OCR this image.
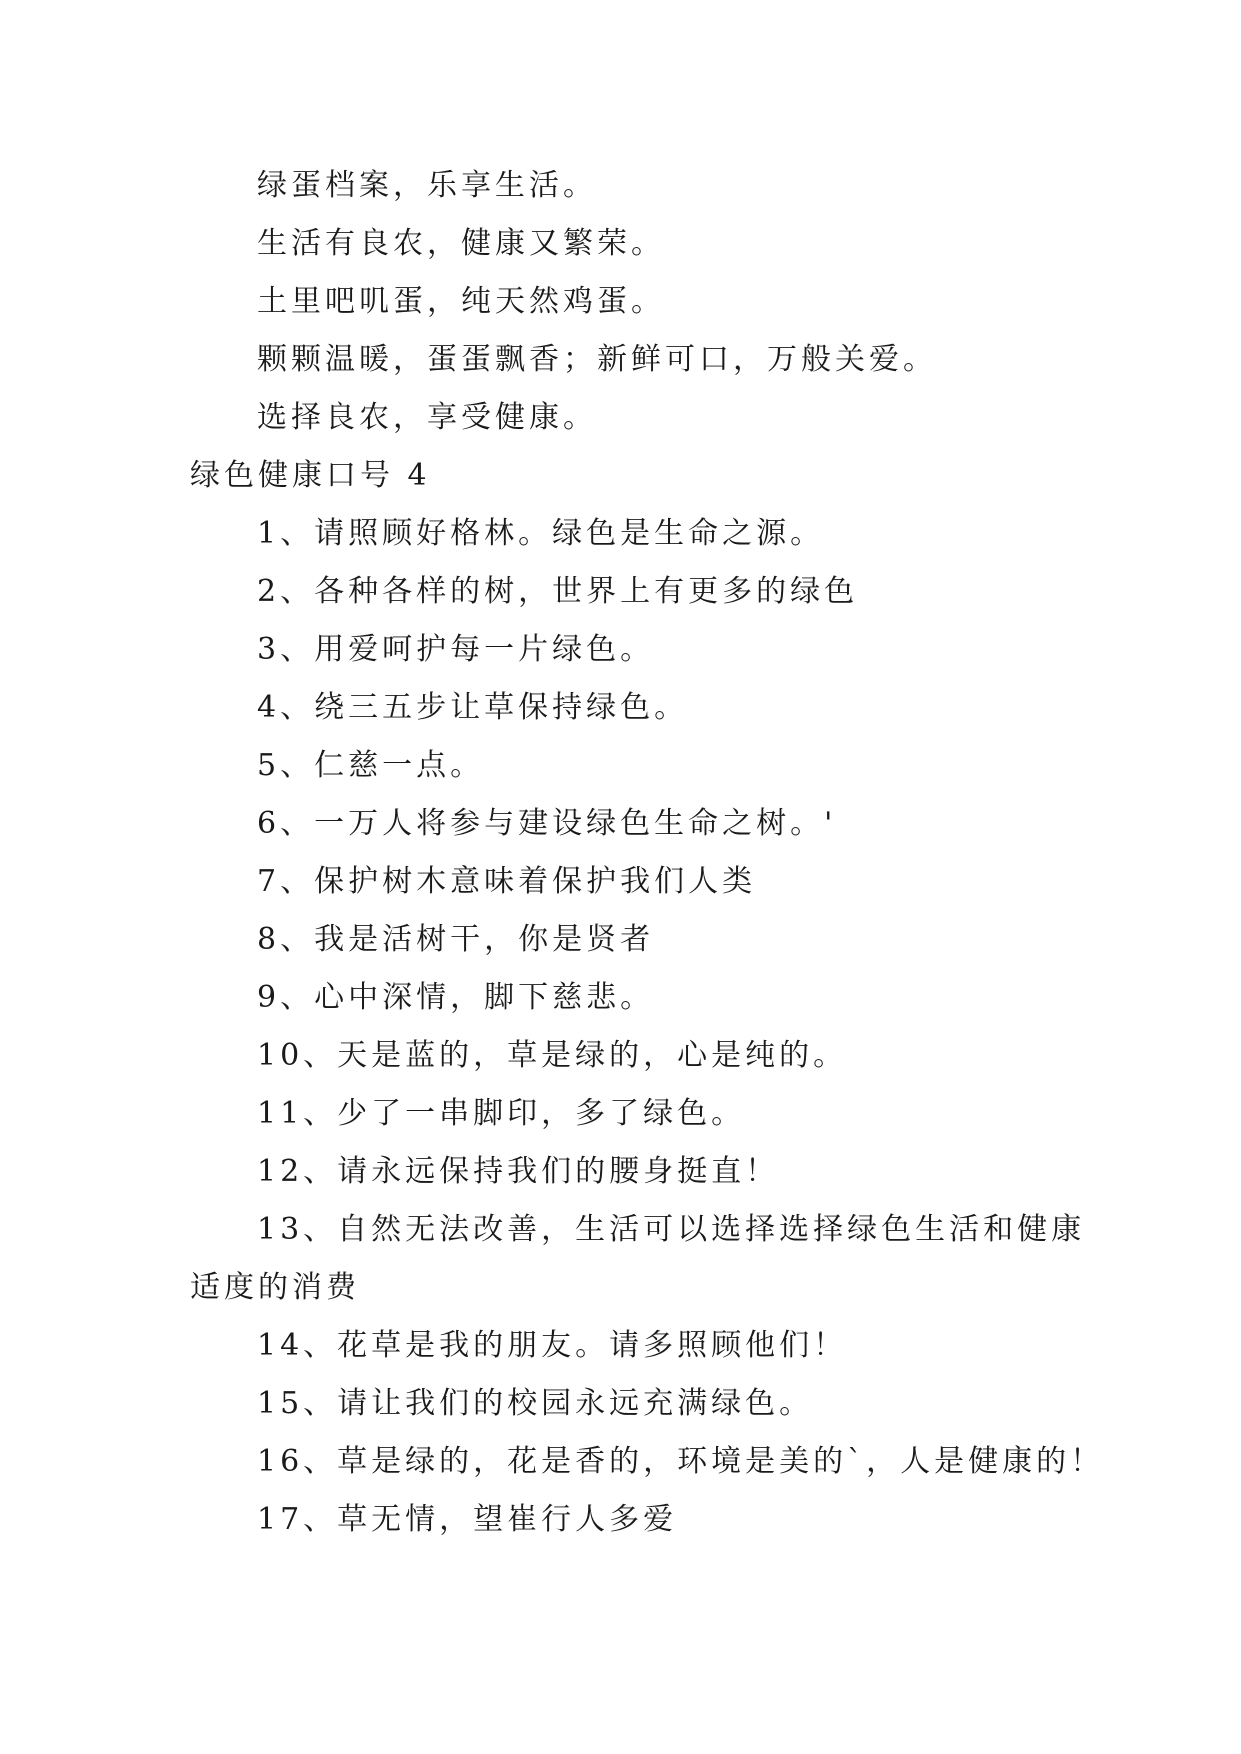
绿蛋档案，乐享生活。
生活有良农，健康又繁荣。
土里吧叽蛋，纯天然鸡蛋。
颗颗温暖，蛋蛋飘香；新鲜可口，万般关爱。
选择良农，享受健康。
绿色健康口号 4
1、请照顾好格林。绿色是生命之源。
2、各种各样的树，世界上有更多的绿色
3、用爱呵护每一片绿色。
4、绕三五步让草保持绿色。
5、仁慈一点。
6、一万人将参与建设绿色生命之树。'
7、保护树木意味着保护我们人类
8、我是活树干，你是贤者
9、心中深情，脚下慈悲。
10、天是蓝的，草是绿的，心是纯的。
11、少了一串脚印，多了绿色。
12、请永远保持我们的腰身挺直！
13、自然无法改善，生活可以选择选择绿色生活和健康
适度的消费
14、花草是我的朋友。请多照顾他们！
15、请让我们的校园永远充满绿色。
16、草是绿的，花是香的，环境是美的`，人是健康的！
17、草无情，望崔行人多爱
